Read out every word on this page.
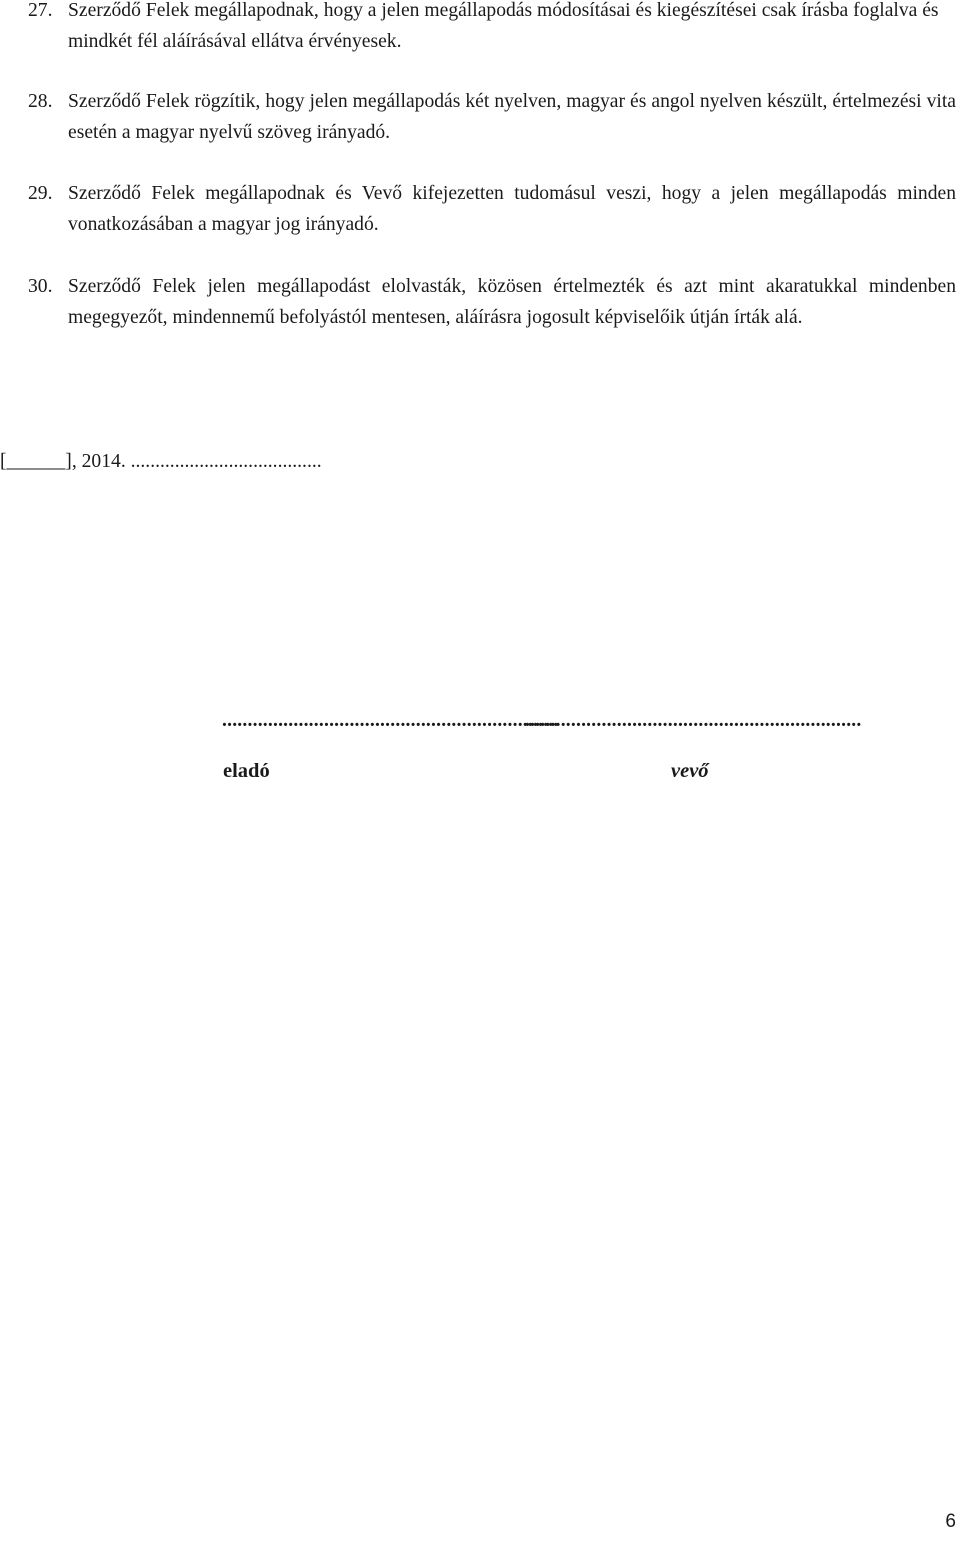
27. Szerződő Felek megállapodnak, hogy a jelen megállapodás módosításai és kiegészítései csak írásba foglalva és mindkét fél aláírásával ellátva érvényesek.
28. Szerződő Felek rögzítik, hogy jelen megállapodás két nyelven, magyar és angol nyelven készült, értelmezési vita esetén a magyar nyelvű szöveg irányadó.
29. Szerződő Felek megállapodnak és Vevő kifejezetten tudomásul veszi, hogy a jelen megállapodás minden vonatkozásában a magyar jog irányadó.
30. Szerződő Felek jelen megállapodást elolvasták, közösen értelmezték és azt mint akaratukkal mindenben megegyezőt, mindennemű befolyástól mentesen, aláírásra jogosult képviselőik útján írták alá.
[______], 2014. .......................................
..................................................................
..................................................................
eladó	vevő
6
